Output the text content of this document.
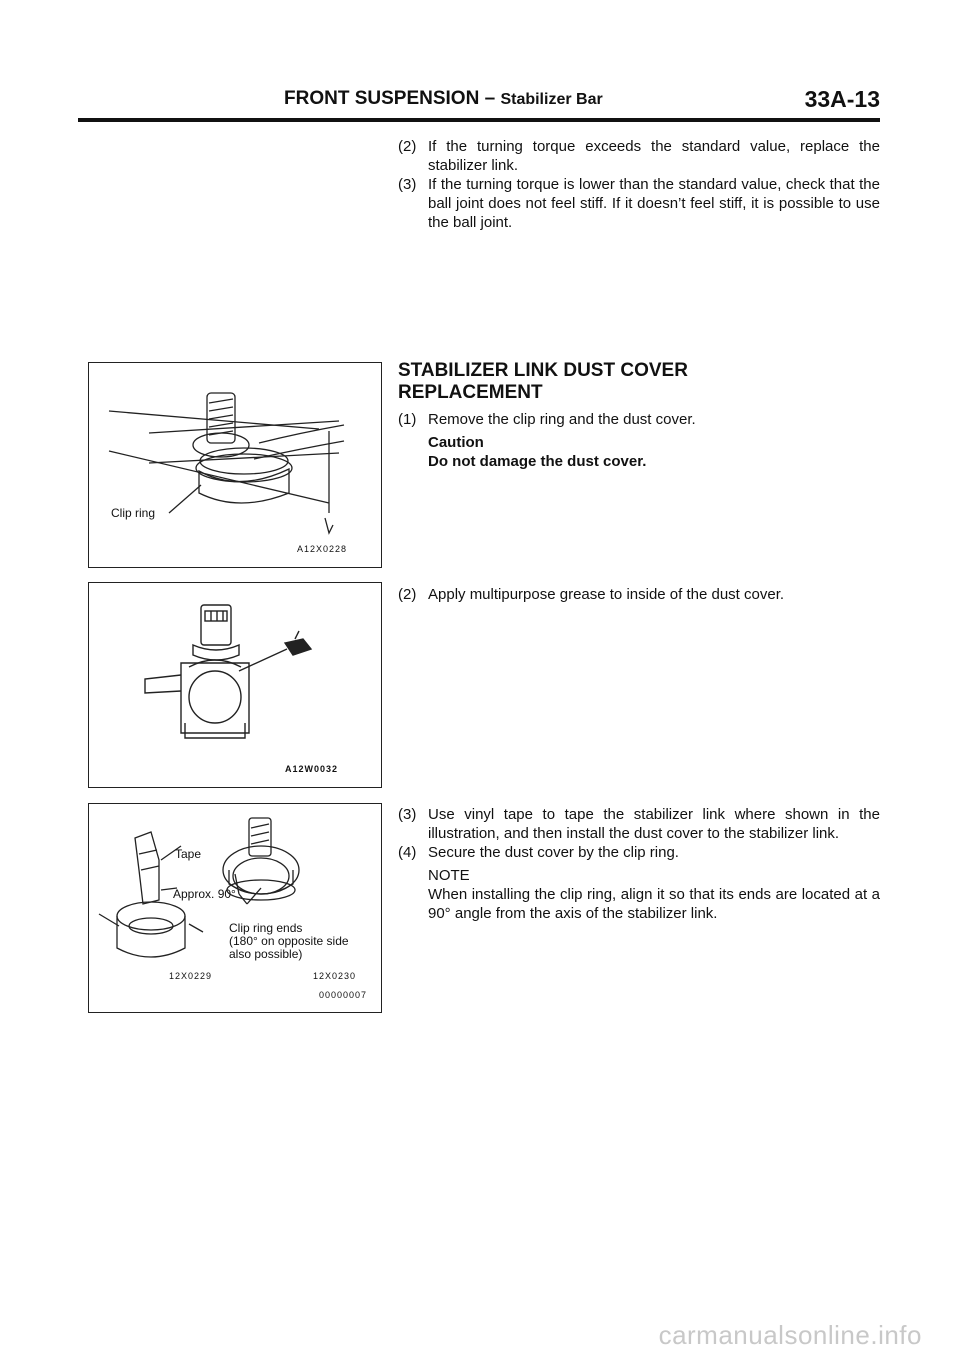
FRONT SUSPENSION – Stabilizer Bar	33A-13
(2) If the turning torque exceeds the standard value, replace the stabilizer link.
(3) If the turning torque is lower than the standard value, check that the ball joint does not feel stiff. If it doesn’t feel stiff, it is possible to use the ball joint.
STABILIZER LINK DUST COVER
REPLACEMENT
(1) Remove the clip ring and the dust cover.
Caution
Do not damage the dust cover.
(2) Apply multipurpose grease to inside of the dust cover.
(3) Use vinyl tape to tape the stabilizer link where shown in the illustration, and then install the dust cover to the stabilizer link.
(4) Secure the dust cover by the clip ring.
NOTE
When installing the clip ring, align it so that its ends are located at a 90° angle from the axis of the stabilizer link.
Clip ring
A12X0228
A12W0032
Tape
Approx. 90°
Clip ring ends
(180° on opposite side
also possible)
12X0229	12X0230
00000007
carmanualsonline.info
